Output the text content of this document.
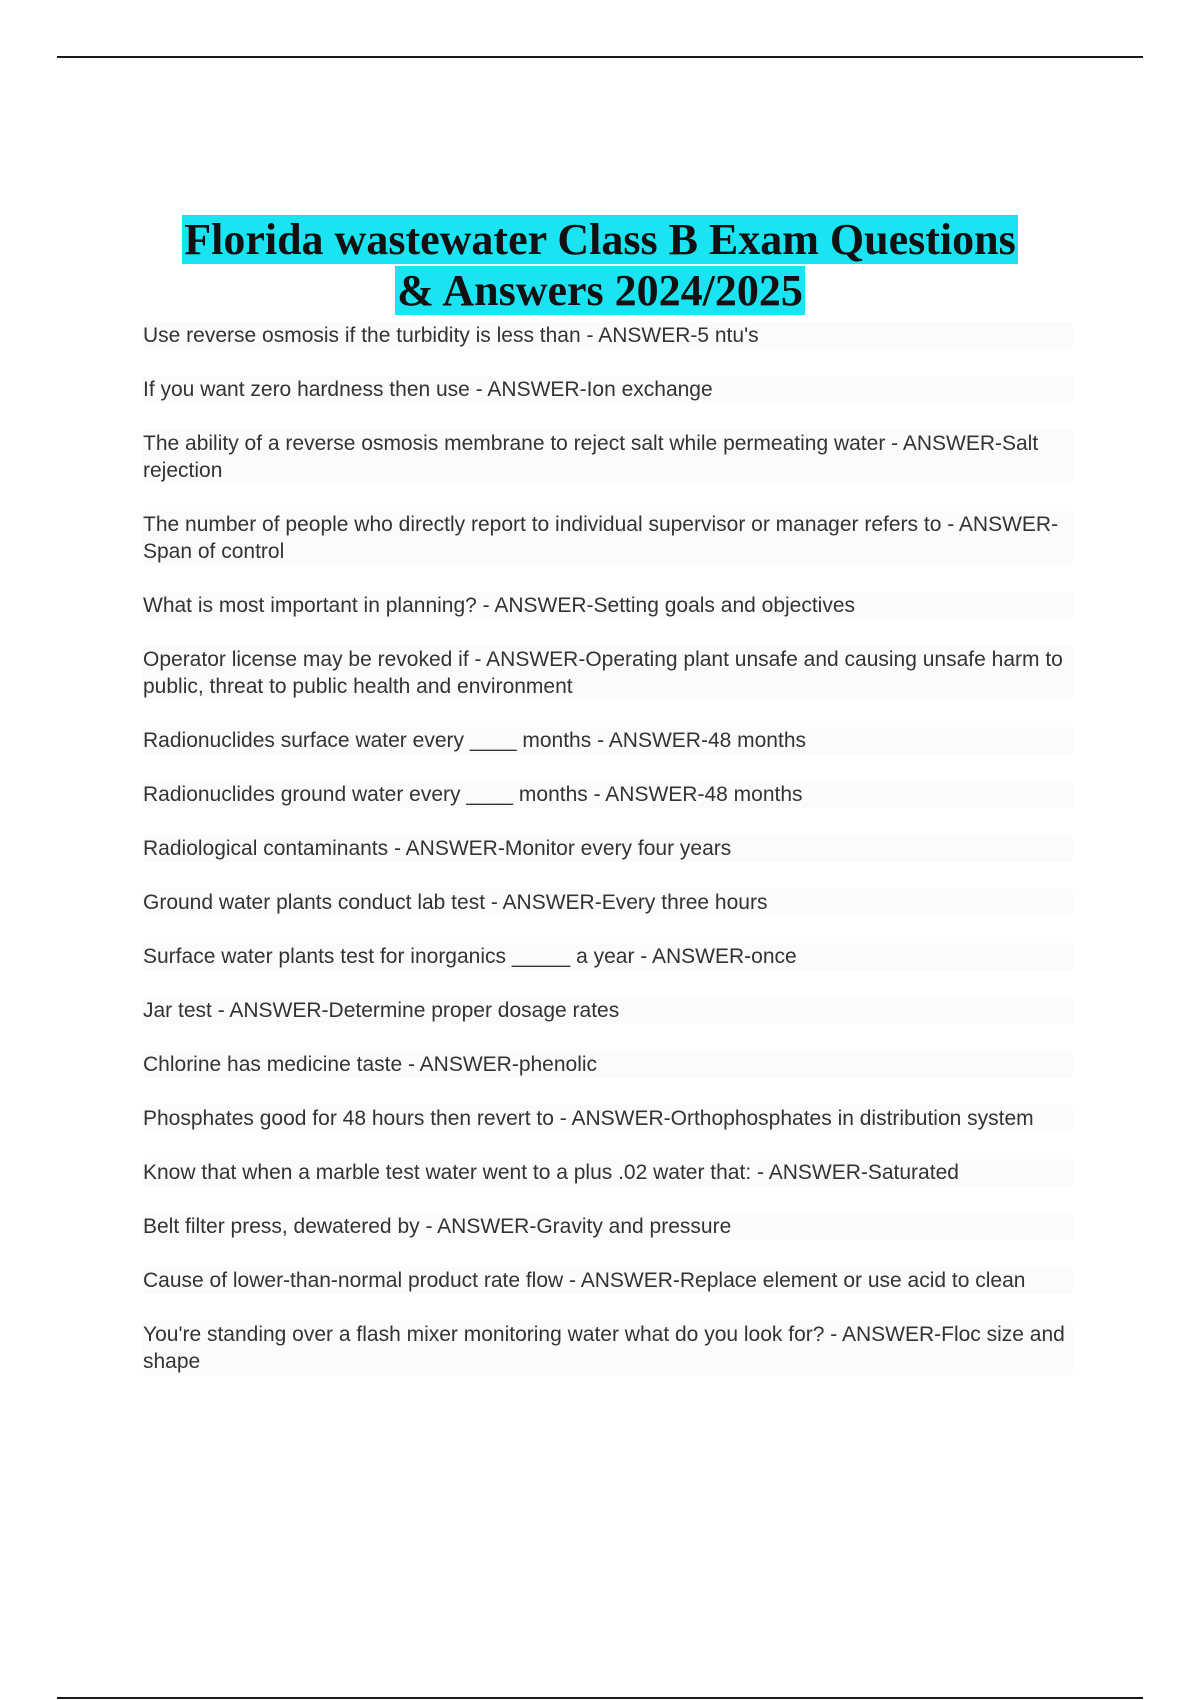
Florida wastewater Class B Exam Questions
& Answers 2024/2025
Use reverse osmosis if the turbidity is less than - ANSWER-5 ntu's
If you want zero hardness then use - ANSWER-Ion exchange
The ability of a reverse osmosis membrane to reject salt while permeating water - ANSWER-Salt rejection
The number of people who directly report to individual supervisor or manager refers to - ANSWER-Span of control
What is most important in planning? - ANSWER-Setting goals and objectives
Operator license may be revoked if - ANSWER-Operating plant unsafe and causing unsafe harm to public, threat to public health and environment
Radionuclides surface water every ____ months - ANSWER-48 months
Radionuclides ground water every ____ months - ANSWER-48 months
Radiological contaminants - ANSWER-Monitor every four years
Ground water plants conduct lab test - ANSWER-Every three hours
Surface water plants test for inorganics _____ a year - ANSWER-once
Jar test - ANSWER-Determine proper dosage rates
Chlorine has medicine taste - ANSWER-phenolic
Phosphates good for 48 hours then revert to - ANSWER-Orthophosphates in distribution system
Know that when a marble test water went to a plus .02 water that: - ANSWER-Saturated
Belt filter press, dewatered by - ANSWER-Gravity and pressure
Cause of lower-than-normal product rate flow - ANSWER-Replace element or use acid to clean
You're standing over a flash mixer monitoring water what do you look for? - ANSWER-Floc size and shape
